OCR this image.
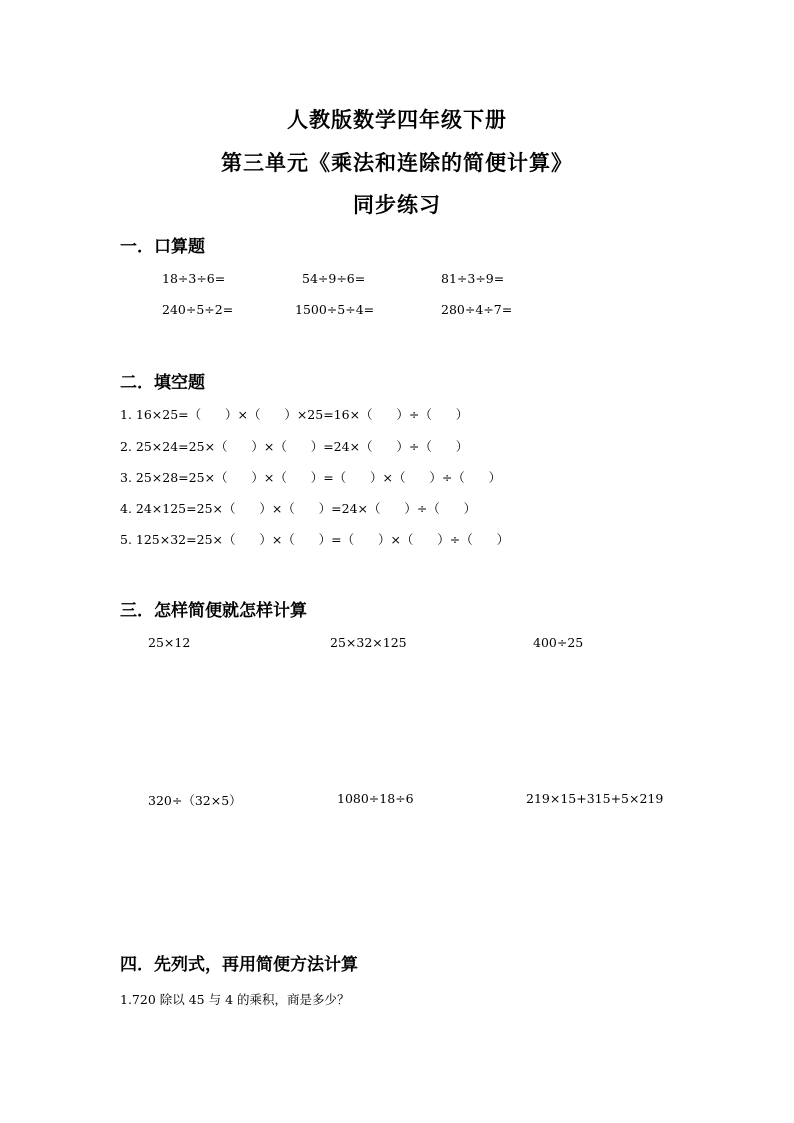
人教版数学四年级下册
第三单元《乘法和连除的简便计算》
同步练习
一．口算题
18÷3÷6=	54÷9÷6=	81÷3÷9=
240÷5÷2=	1500÷5÷4=	280÷4÷7=
二．填空题
1. 16×25=（      ）×（      ）×25=16×（      ）÷（      ）
2. 25×24=25×（      ）×（      ）=24×（      ）÷（      ）
3. 25×28=25×（      ）×（      ）=（      ）×（      ）÷（      ）
4. 24×125=25×（      ）×（      ）=24×（      ）÷（      ）
5. 125×32=25×（      ）×（      ）=（      ）×（      ）÷（      ）
三．怎样简便就怎样计算
25×12	25×32×125	400÷25
320÷（32×5）	1080÷18÷6	219×15+315+5×219
四．先列式，再用简便方法计算
1.720 除以 45 与 4 的乘积，商是多少？
